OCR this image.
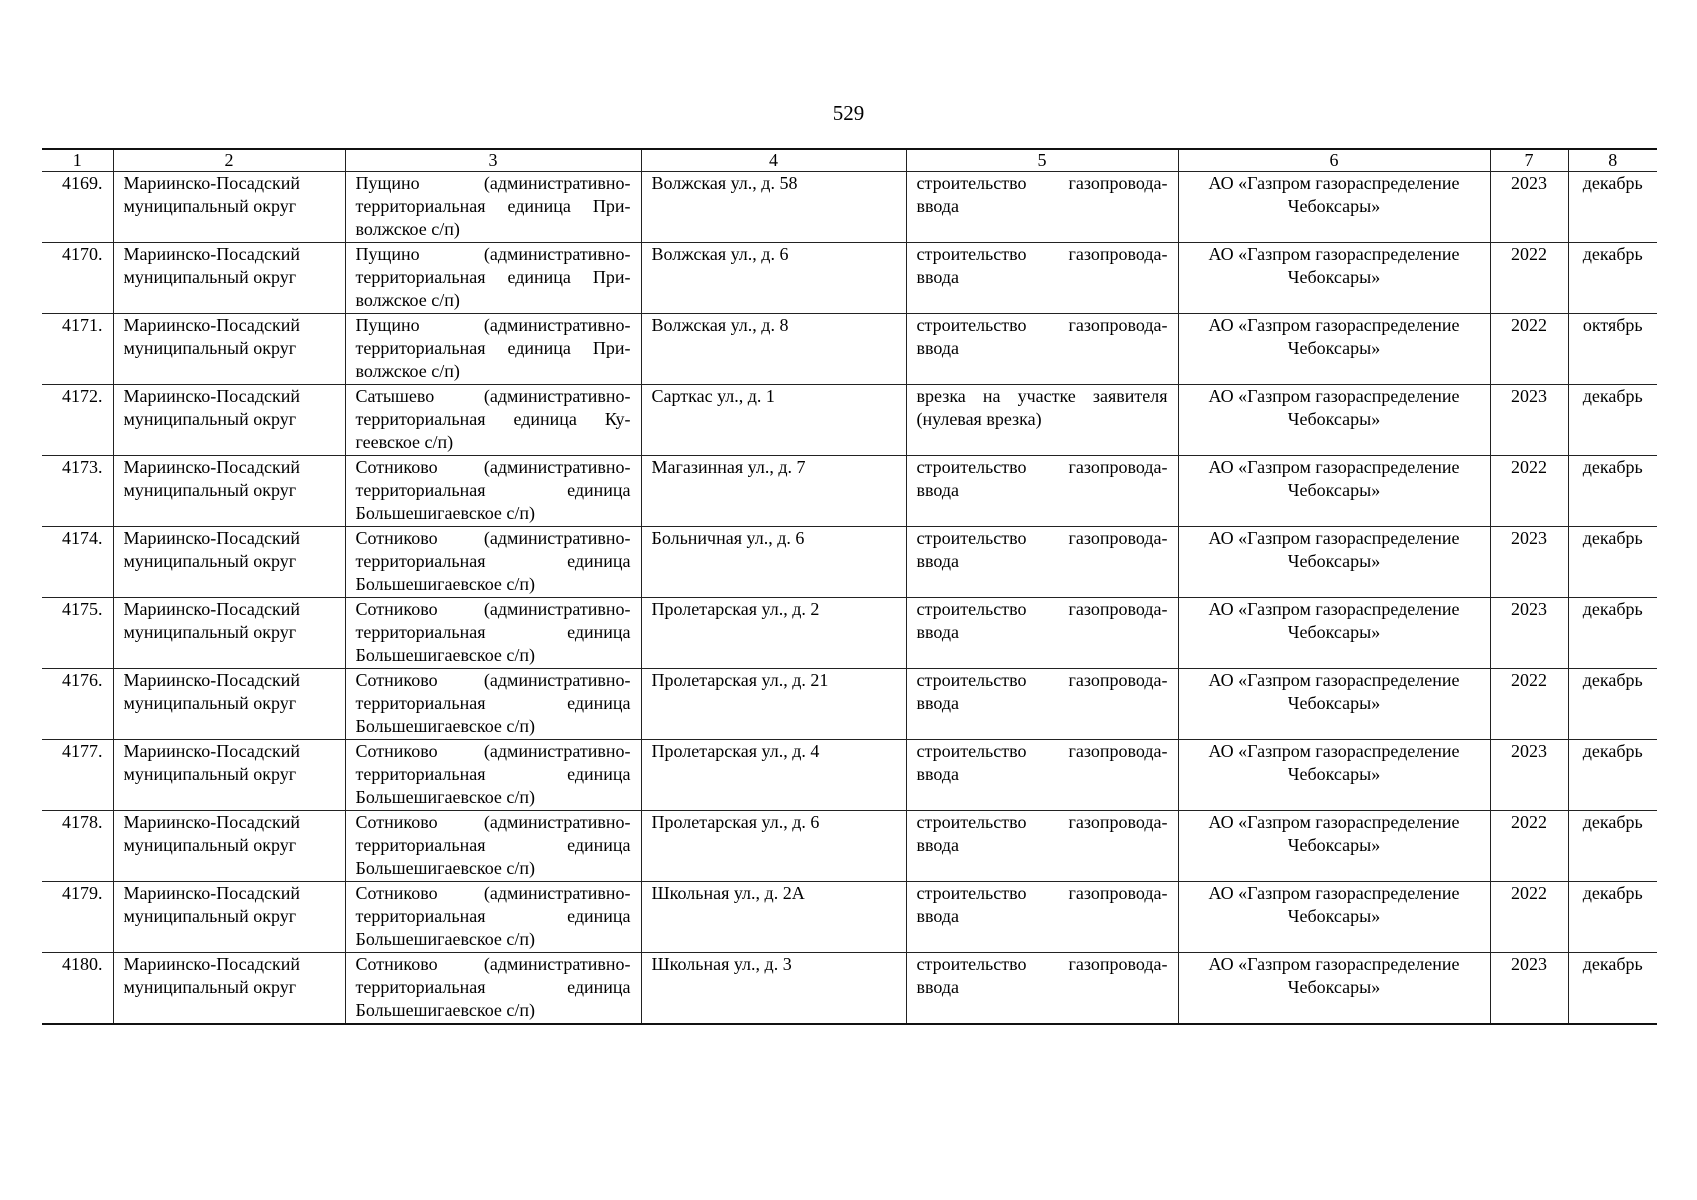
529
1	2	3	4	5	6	7	8
4169.	Мариинско-Посадский муниципальный округ	Пущино (административно-территориальная единица При-волжское с/п)	Волжская ул., д. 58	строительство газопровода-ввода	АО «Газпром газораспределение Чебоксары»	2023	декабрь
4170.	Мариинско-Посадский муниципальный округ	Пущино (административно-территориальная единица При-волжское с/п)	Волжская ул., д. 6	строительство газопровода-ввода	АО «Газпром газораспределение Чебоксары»	2022	декабрь
4171.	Мариинско-Посадский муниципальный округ	Пущино (административно-территориальная единица При-волжское с/п)	Волжская ул., д. 8	строительство газопровода-ввода	АО «Газпром газораспределение Чебоксары»	2022	октябрь
4172.	Мариинско-Посадский муниципальный округ	Сатышево (административно-территориальная единица Ку-геевское с/п)	Сарткас ул., д. 1	врезка на участке заявителя (нулевая врезка)	АО «Газпром газораспределение Чебоксары»	2023	декабрь
4173.	Мариинско-Посадский муниципальный округ	Сотниково (административно-территориальная единица Большешигаевское с/п)	Магазинная ул., д. 7	строительство газопровода-ввода	АО «Газпром газораспределение Чебоксары»	2022	декабрь
4174.	Мариинско-Посадский муниципальный округ	Сотниково (административно-территориальная единица Большешигаевское с/п)	Больничная ул., д. 6	строительство газопровода-ввода	АО «Газпром газораспределение Чебоксары»	2023	декабрь
4175.	Мариинско-Посадский муниципальный округ	Сотниково (административно-территориальная единица Большешигаевское с/п)	Пролетарская ул., д. 2	строительство газопровода-ввода	АО «Газпром газораспределение Чебоксары»	2023	декабрь
4176.	Мариинско-Посадский муниципальный округ	Сотниково (административно-территориальная единица Большешигаевское с/п)	Пролетарская ул., д. 21	строительство газопровода-ввода	АО «Газпром газораспределение Чебоксары»	2022	декабрь
4177.	Мариинско-Посадский муниципальный округ	Сотниково (административно-территориальная единица Большешигаевское с/п)	Пролетарская ул., д. 4	строительство газопровода-ввода	АО «Газпром газораспределение Чебоксары»	2023	декабрь
4178.	Мариинско-Посадский муниципальный округ	Сотниково (административно-территориальная единица Большешигаевское с/п)	Пролетарская ул., д. 6	строительство газопровода-ввода	АО «Газпром газораспределение Чебоксары»	2022	декабрь
4179.	Мариинско-Посадский муниципальный округ	Сотниково (административно-территориальная единица Большешигаевское с/п)	Школьная ул., д. 2А	строительство газопровода-ввода	АО «Газпром газораспределение Чебоксары»	2022	декабрь
4180.	Мариинско-Посадский муниципальный округ	Сотниково (административно-территориальная единица Большешигаевское с/п)	Школьная ул., д. 3	строительство газопровода-ввода	АО «Газпром газораспределение Чебоксары»	2023	декабрь
